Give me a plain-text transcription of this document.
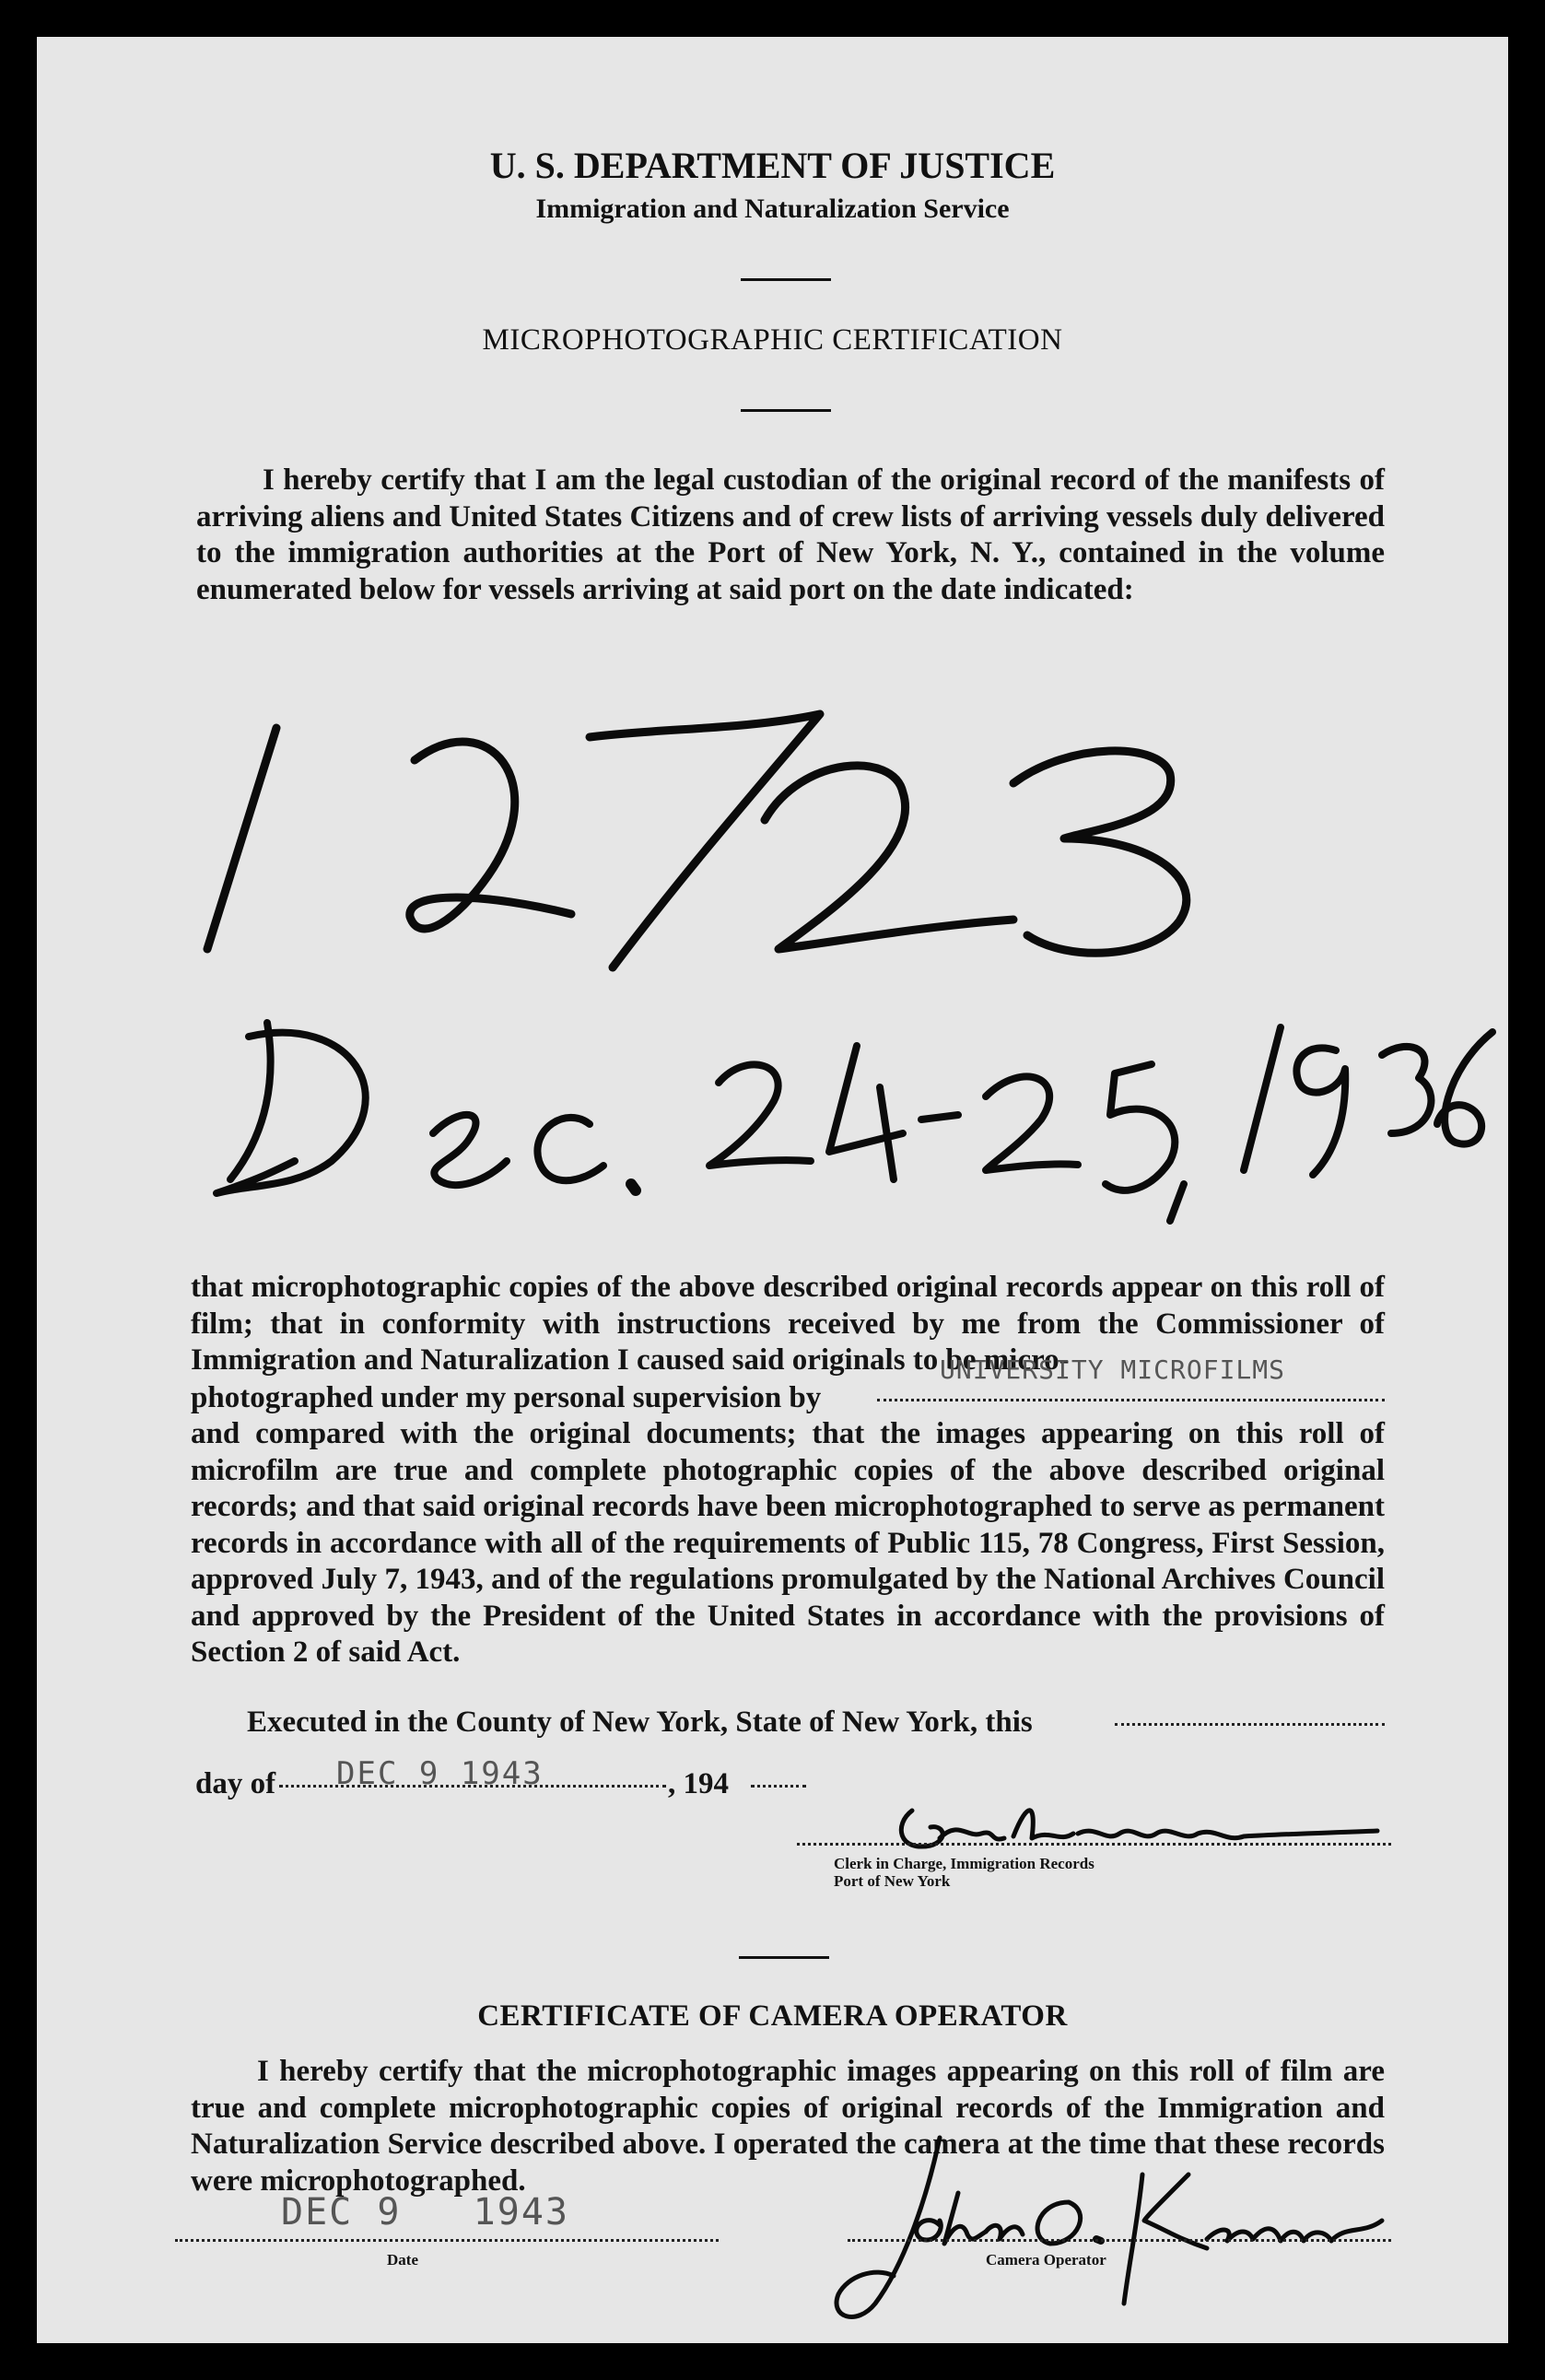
U. S. DEPARTMENT OF JUSTICE
Immigration and Naturalization Service
MICROPHOTOGRAPHIC CERTIFICATION
I hereby certify that I am the legal custodian of the original record of the manifests of arriving aliens and United States Citizens and of crew lists of arriving vessels duly delivered to the immigration authorities at the Port of New York, N. Y., contained in the volume enumerated below for vessels arriving at said port on the date indicated:
that microphotographic copies of the above described original records appear on this roll of film; that in conformity with instructions received by me from the Commissioner of Immigration and Naturalization I caused said originals to be micro-
photographed under my personal supervision by
UNIVERSITY MICROFILMS
and compared with the original documents; that the images appearing on this roll of microfilm are true and complete photographic copies of the above described original records; and that said original records have been microphotographed to serve as permanent records in accordance with all of the requirements of Public 115, 78 Congress, First Session, approved July 7, 1943, and of the regulations promulgated by the National Archives Council and approved by the President of the United States in accordance with the provisions of Section 2 of said Act.
Executed in the County of New York, State of New York, this
day of DEC 9 1943	, 194
Clerk in Charge, Immigration Records
Port of New York
CERTIFICATE OF CAMERA OPERATOR
I hereby certify that the microphotographic images appearing on this roll of film are true and complete microphotographic copies of original records of the Immigration and Naturalization Service described above. I operated the camera at the time that these records were microphotographed.
DEC 9   1943
Date	Camera Operator
